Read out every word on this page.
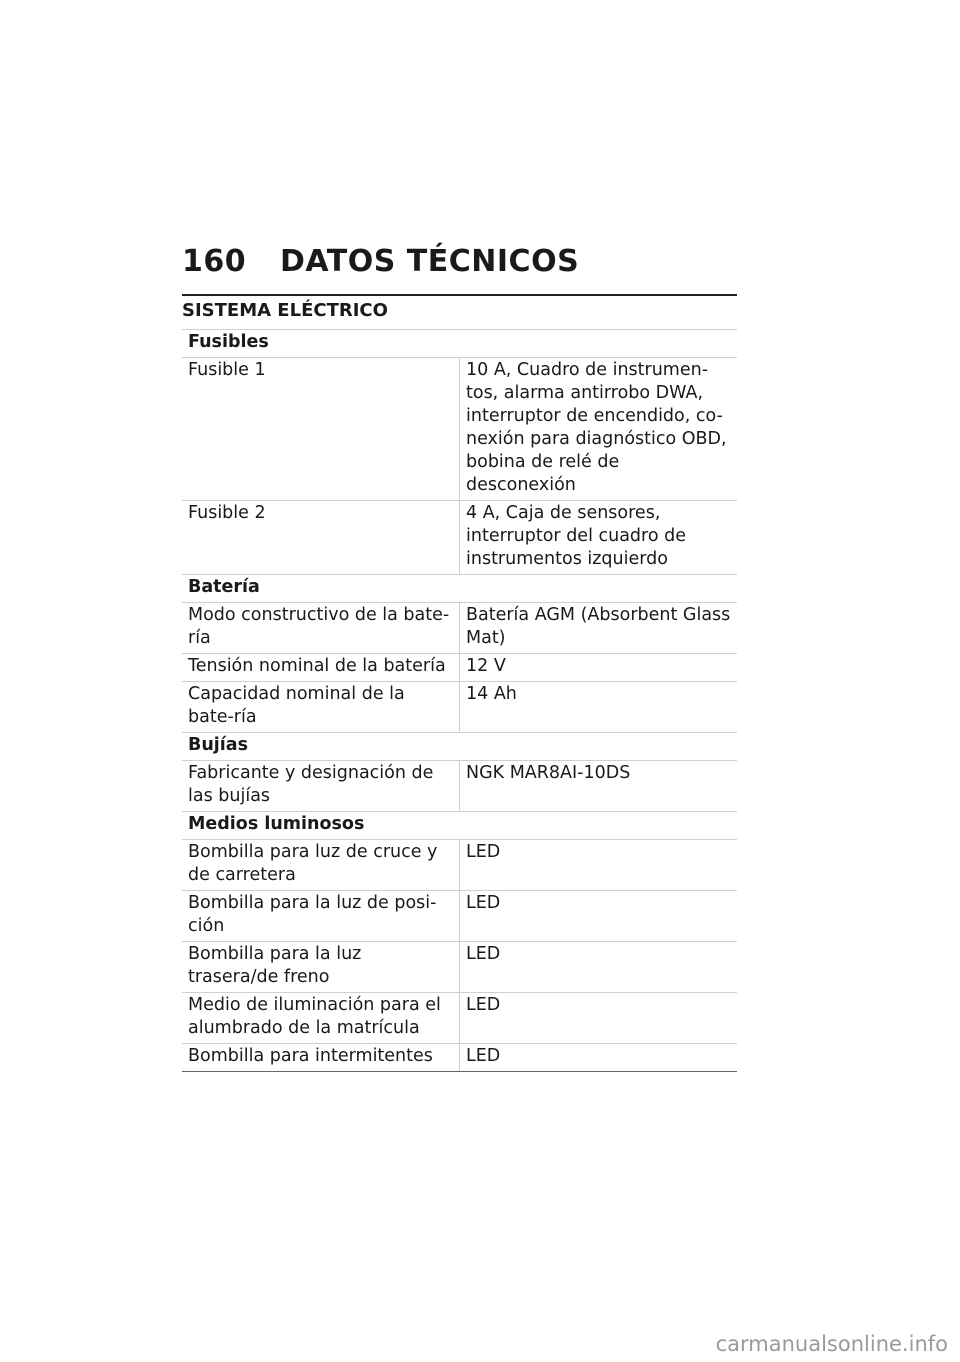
160 DATOS TÉCNICOS
SISTEMA ELÉCTRICO
Fusibles	
Fusible 1	10 A, Cuadro de instrumen-tos, alarma antirrobo DWA, interruptor de encendido, co-nexión para diagnóstico OBD, bobina de relé de desconexión
Fusible 2	4 A, Caja de sensores, interruptor del cuadro de instrumentos izquierdo
Batería	
Modo constructivo de la bate-ría	Batería AGM (Absorbent Glass Mat)
Tensión nominal de la batería	12 V
Capacidad nominal de la bate-ría	14 Ah
Bujías	
Fabricante y designación de las bujías	NGK MAR8AI-10DS
Medios luminosos	
Bombilla para luz de cruce y de carretera	LED
Bombilla para la luz de posi-ción	LED
Bombilla para la luz trasera/de freno	LED
Medio de iluminación para el alumbrado de la matrícula	LED
Bombilla para intermitentes	LED
carmanualsonline.info
